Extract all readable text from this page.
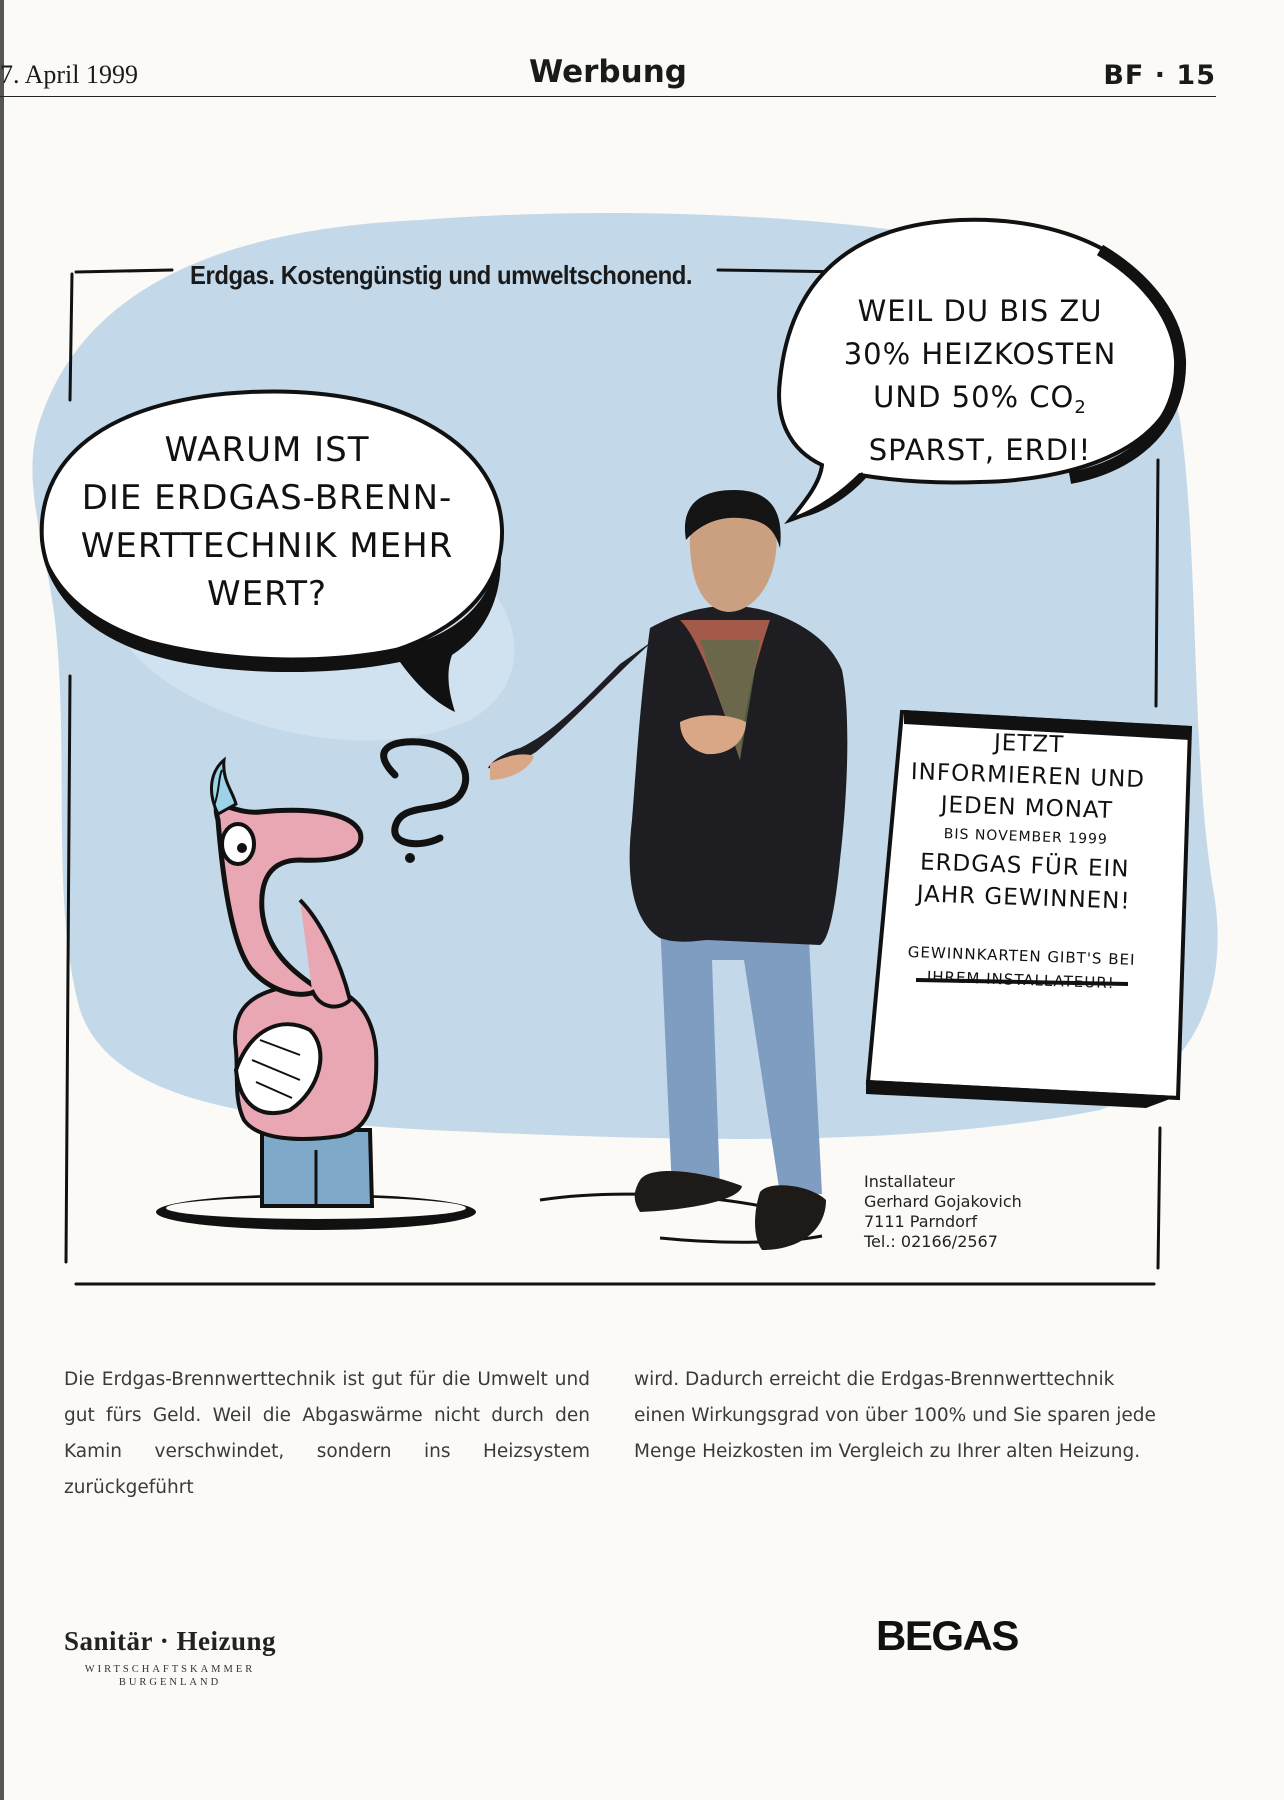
7. April 1999	Werbung	BF · 15
Erdgas. Kostengünstig und umweltschonend.
WARUM IST
DIE ERDGAS-BRENN-
WERTTECHNIK MEHR
WERT?
WEIL DU BIS ZU
30% HEIZKOSTEN
UND 50% $CO_2$
SPARST, ERDI!
JETZT
INFORMIEREN UND
JEDEN MONAT
BIS NOVEMBER 1999
ERDGAS FÜR EIN
JAHR GEWINNEN!
GEWINNKARTEN GIBT'S BEI
IHREM INSTALLATEUR!
Installateur
Gerhard Gojakovich
7111 Parndorf
Tel.: 02166/2567
Die Erdgas-Brennwerttechnik ist gut für die Umwelt und gut fürs Geld. Weil die Abgaswärme nicht durch den Kamin verschwindet, sondern ins Heizsystem zurückgeführt
wird. Dadurch erreicht die Erdgas-Brennwerttechnik einen Wirkungsgrad von über 100% und Sie sparen jede Menge Heizkosten im Vergleich zu Ihrer alten Heizung.
Sanitär · Heizung
WIRTSCHAFTSKAMMER
BURGENLAND
BEGAS
